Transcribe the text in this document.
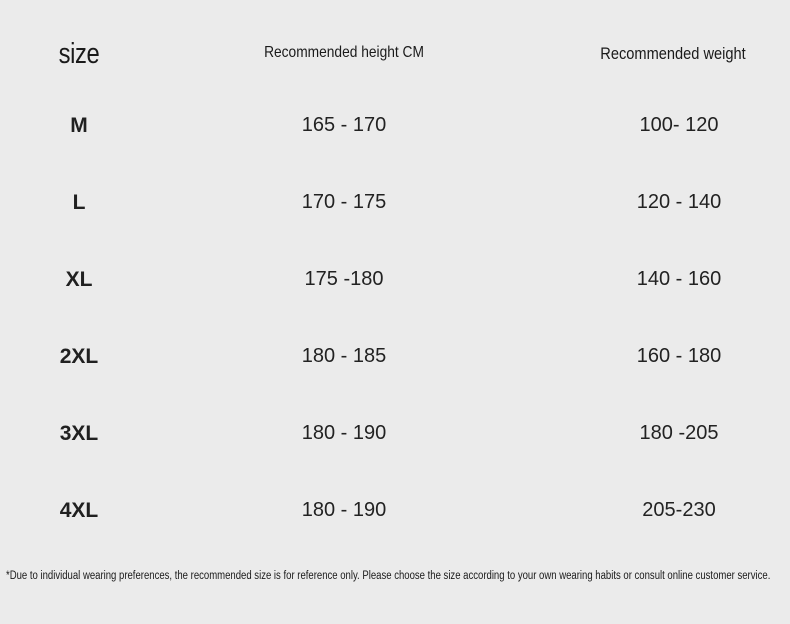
size	Recommended height CM	Recommended weight
M	165 - 170	100- 120
L	170 - 175	120 - 140
XL	175 -180	140 - 160
2XL	180 - 185	160 - 180
3XL	180 - 190	180 -205
4XL	180 - 190	205-230
*Due to individual wearing preferences, the recommended size is for reference only. Please choose the size according to your own wearing habits or consult online customer service.
